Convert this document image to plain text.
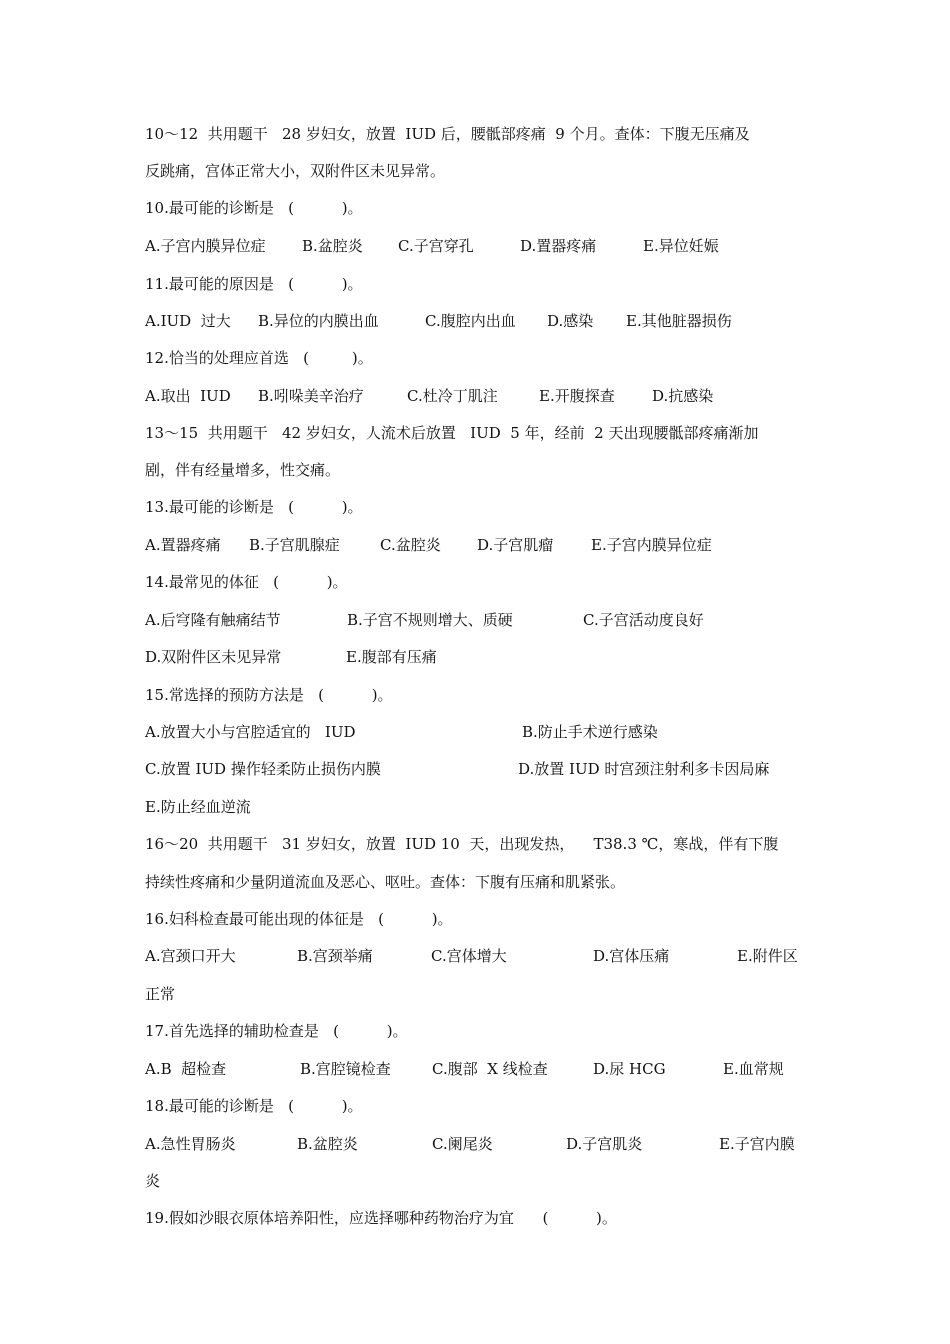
10～12  共用题干   28 岁妇女，放置  IUD 后，腰骶部疼痛  9 个月。查体：下腹无压痛及
反跳痛，宫体正常大小，双附件区未见异常。
10.最可能的诊断是   (          )。
A.子宫内膜异位症 B.盆腔炎 C.子宫穿孔	D.置器疼痛	E.异位妊娠
11.最可能的原因是   (          )。
A.IUD  过大 B.异位的内膜出血	C.腹腔内出血 D.感染 E.其他脏器损伤
12.恰当的处理应首选   (         )。
A.取出  IUD B.吲哚美辛治疗	C.杜冷丁肌注	E.开腹探查 D.抗感染
13～15  共用题干   42 岁妇女，人流术后放置   IUD  5 年，经前  2 天出现腰骶部疼痛渐加
剧，伴有经量增多，性交痛。
13.最可能的诊断是   (          )。
A.置器疼痛 B.子宫肌腺症	C.盆腔炎 D.子宫肌瘤	E.子宫内膜异位症
14.最常见的体征   (          )。
A.后穹隆有触痛结节	B.子宫不规则增大、质硬	C.子宫活动度良好
D.双附件区未见异常	E.腹部有压痛
15.常选择的预防方法是   (          )。
A.放置大小与宫腔适宜的   IUD	B.防止手术逆行感染
C.放置 IUD 操作轻柔防止损伤内膜	D.放置 IUD 时宫颈注射利多卡因局麻
E.防止经血逆流
16～20  共用题干   31 岁妇女，放置  IUD 10  天，出现发热，    T38.3 ℃，寒战，伴有下腹
持续性疼痛和少量阴道流血及恶心、呕吐。查体：下腹有压痛和肌紧张。
16.妇科检查最可能出现的体征是   (          )。
A.宫颈口开大	B.宫颈举痛	C.宫体增大	D.宫体压痛	E.附件区
正常
17.首先选择的辅助检查是   (          )。
A.B  超检查	B.宫腔镜检查	C.腹部  X 线检查	D.尿 HCG	E.血常规
18.最可能的诊断是   (          )。
A.急性胃肠炎	B.盆腔炎	C.阑尾炎	D.子宫肌炎	E.子宫内膜
炎
19.假如沙眼衣原体培养阳性，应选择哪种药物治疗为宜      (          )。
